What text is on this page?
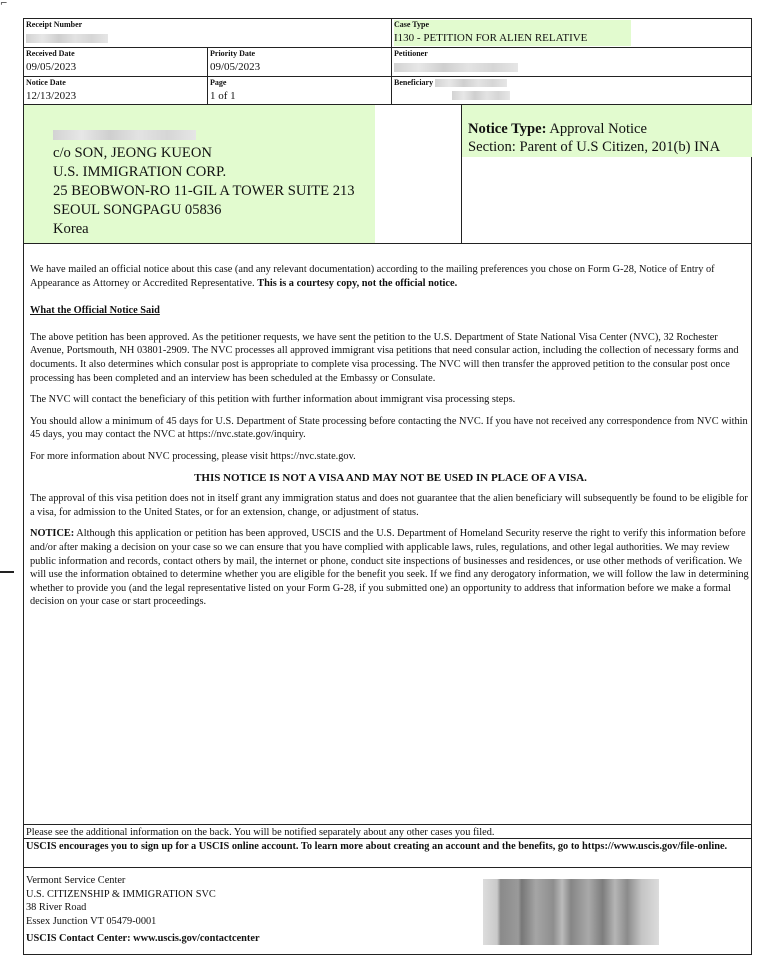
⌐
Receipt Number	Case Type
I130 - PETITION FOR ALIEN RELATIVE
Received Date
09/05/2023
Priority Date
09/05/2023
Petitioner
Notice Date
12/13/2023
Page
1 of 1
Beneficiary
c/o SON, JEONG KUEON
U.S. IMMIGRATION CORP.
25 BEOBWON-RO 11-GIL A TOWER SUITE 213
SEOUL SONGPAGU 05836
Korea
Notice Type: Approval Notice
Section: Parent of U.S Citizen, 201(b) INA

We have mailed an official notice about this case (and any relevant documentation) according to the mailing preferences you chose on Form G-28, Notice of Entry of Appearance as Attorney or Accredited Representative. This is a courtesy copy, not the official notice.

What the Official Notice Said

The above petition has been approved. As the petitioner requests, we have sent the petition to the U.S. Department of State National Visa Center (NVC), 32 Rochester Avenue, Portsmouth, NH 03801-2909. The NVC processes all approved immigrant visa petitions that need consular action, including the collection of necessary forms and documents. It also determines which consular post is appropriate to complete visa processing. The NVC will then transfer the approved petition to the consular post once processing has been completed and an interview has been scheduled at the Embassy or Consulate.

The NVC will contact the beneficiary of this petition with further information about immigrant visa processing steps.

You should allow a minimum of 45 days for U.S. Department of State processing before contacting the NVC. If you have not received any correspondence from NVC within 45 days, you may contact the NVC at https://nvc.state.gov/inquiry.

For more information about NVC processing, please visit https://nvc.state.gov.

THIS NOTICE IS NOT A VISA AND MAY NOT BE USED IN PLACE OF A VISA.

The approval of this visa petition does not in itself grant any immigration status and does not guarantee that the alien beneficiary will subsequently be found to be eligible for a visa, for admission to the United States, or for an extension, change, or adjustment of status.

NOTICE: Although this application or petition has been approved, USCIS and the U.S. Department of Homeland Security reserve the right to verify this information before and/or after making a decision on your case so we can ensure that you have complied with applicable laws, rules, regulations, and other legal authorities. We may review public information and records, contact others by mail, the internet or phone, conduct site inspections of businesses and residences, or use other methods of verification. We will use the information obtained to determine whether you are eligible for the benefit you seek. If we find any derogatory information, we will follow the law in determining whether to provide you (and the legal representative listed on your Form G-28, if you submitted one) an opportunity to address that information before we make a formal decision on your case or start proceedings.

Please see the additional information on the back. You will be notified separately about any other cases you filed.
USCIS encourages you to sign up for a USCIS online account. To learn more about creating an account and the benefits, go to https://www.uscis.gov/file-online.
Vermont Service Center
U.S. CITIZENSHIP & IMMIGRATION SVC
38 River Road
Essex Junction VT 05479-0001
USCIS Contact Center: www.uscis.gov/contactcenter
